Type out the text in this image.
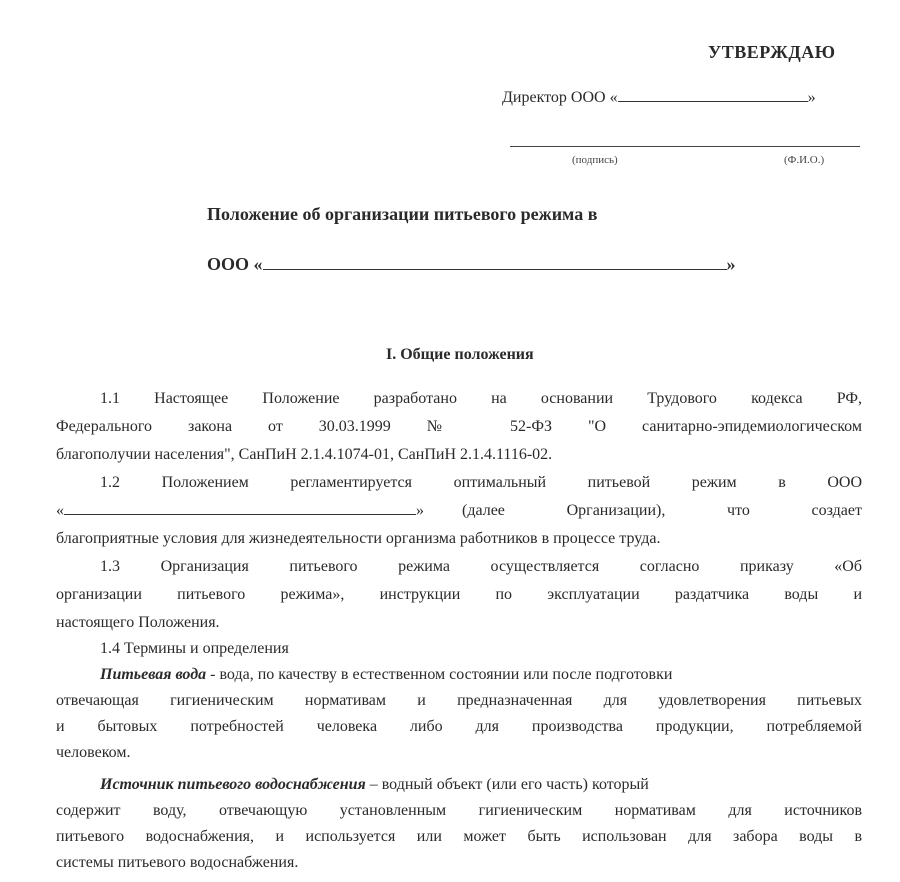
УТВЕРЖДАЮ
Директор ООО «	»
(подпись)	(Ф.И.О.)
Положение об организации питьевого режима в
ООО «	»
I. Общие положения
1.1 Настоящее Положение разработано на основании Трудового кодекса РФ,
Федерального закона от 30.03.1999 № 52-ФЗ "О санитарно-эпидемиологическом
благополучии населения", СанПиН 2.1.4.1074-01, СанПиН 2.1.4.1116-02.
1.2 Положением регламентируется оптимальный питьевой режим в ООО
«	»	(далее Организации), что создает
благоприятные условия для жизнедеятельности организма работников в процессе труда.
1.3 Организация питьевого режима осуществляется согласно приказу «Об
организации питьевого режима», инструкции по эксплуатации раздатчика воды и
настоящего Положения.
1.4 Термины и определения
Питьевая вода - вода, по качеству в естественном состоянии или после подготовки
отвечающая гигиеническим нормативам и предназначенная для удовлетворения питьевых
и бытовых потребностей человека либо для производства продукции, потребляемой
человеком.
Источник питьевого водоснабжения – водный объект (или его часть) который
содержит воду, отвечающую установленным гигиеническим нормативам для источников
питьевого водоснабжения, и используется или может быть использован для забора воды в
системы питьевого водоснабжения.
